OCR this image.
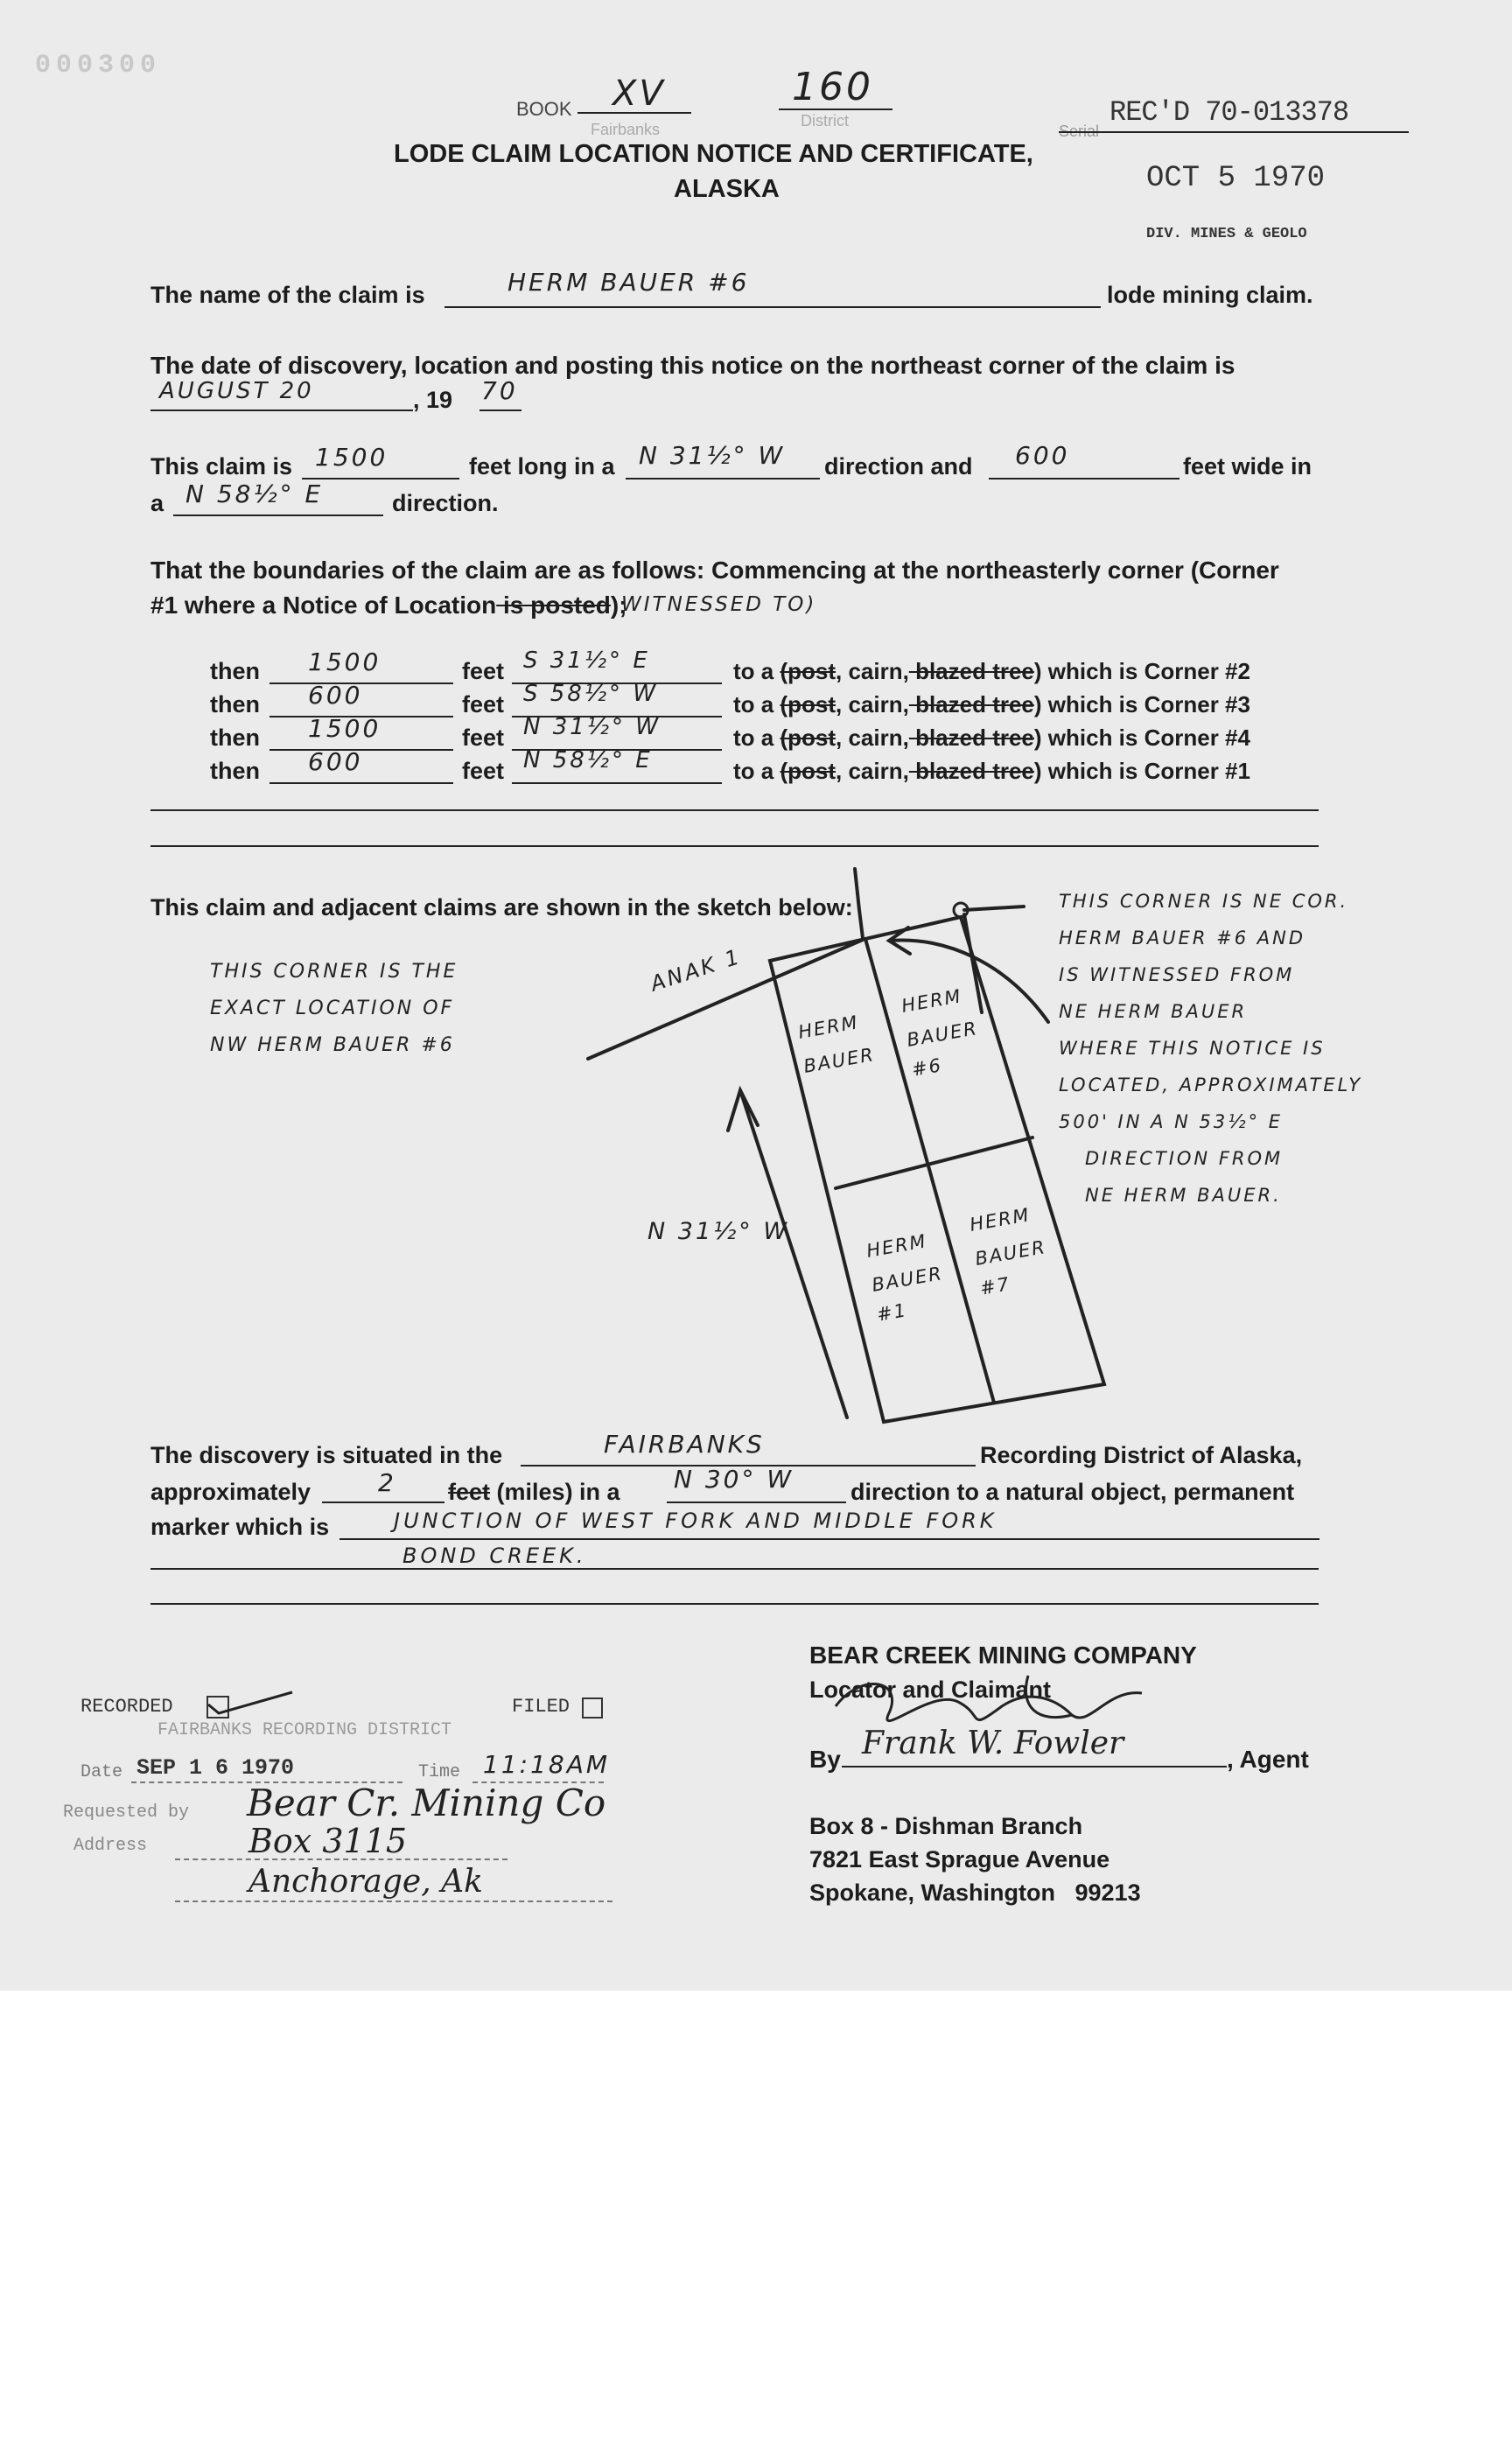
000300
BOOK XV	160
Fairbanks	District
LODE CLAIM LOCATION NOTICE AND CERTIFICATE,
ALASKA
Serial
REC'D 70-013378
OCT 5 1970
DIV. MINES & GEOLO
The name of the claim is	HERM BAUER #6	lode mining claim.
The date of discovery, location and posting this notice on the northeast corner of the claim is
AUGUST 20	, 19 70
This claim is 1500	feet long in a N 31½° W direction and 600	feet wide in
a N 58½° E	direction.
That the boundaries of the claim are as follows: Commencing at the northeasterly corner (Corner
#1 where a Notice of Location is posted);
WITNESSED TO)
then 1500	feet S 31½° E	to a (post, cairn, blazed tree) which is Corner #2
then 600	feet S 58½° W	to a (post, cairn, blazed tree) which is Corner #3
then 1500	feet N 31½° W	to a (post, cairn, blazed tree) which is Corner #4
then 600	feet N 58½° E	to a (post, cairn, blazed tree) which is Corner #1
This claim and adjacent claims are shown in the sketch below:
THIS CORNER IS THE
EXACT LOCATION OF
NW HERM BAUER #6
THIS CORNER IS NE COR.
HERM BAUER #6 AND
IS WITNESSED FROM
NE HERM BAUER
WHERE THIS NOTICE IS
LOCATED, APPROXIMATELY
500' IN A N 53½° E
DIRECTION FROM
NE HERM BAUER.
ANAK 1
N 31½° W
HERM
BAUER
HERM
BAUER
#6
HERM
BAUER
#1
HERM
BAUER
#7
The discovery is situated in the	FAIRBANKS	Recording District of Alaska,
approximately	2 feet (miles) in a N 30° W direction to a natural object, permanent
marker which is	JUNCTION OF WEST FORK AND MIDDLE FORK
BOND CREEK.
RECORDED	FILED
FAIRBANKS RECORDING DISTRICT
Date SEP 1 6 1970	Time 11:18AM
Requested by Bear Cr. Mining Co
Address	Box 3115
Anchorage, Ak
BEAR CREEK MINING COMPANY
Locator and Claimant
By Frank W. Fowler	, Agent
Box 8 - Dishman Branch
7821 East Sprague Avenue
Spokane, Washington   99213
